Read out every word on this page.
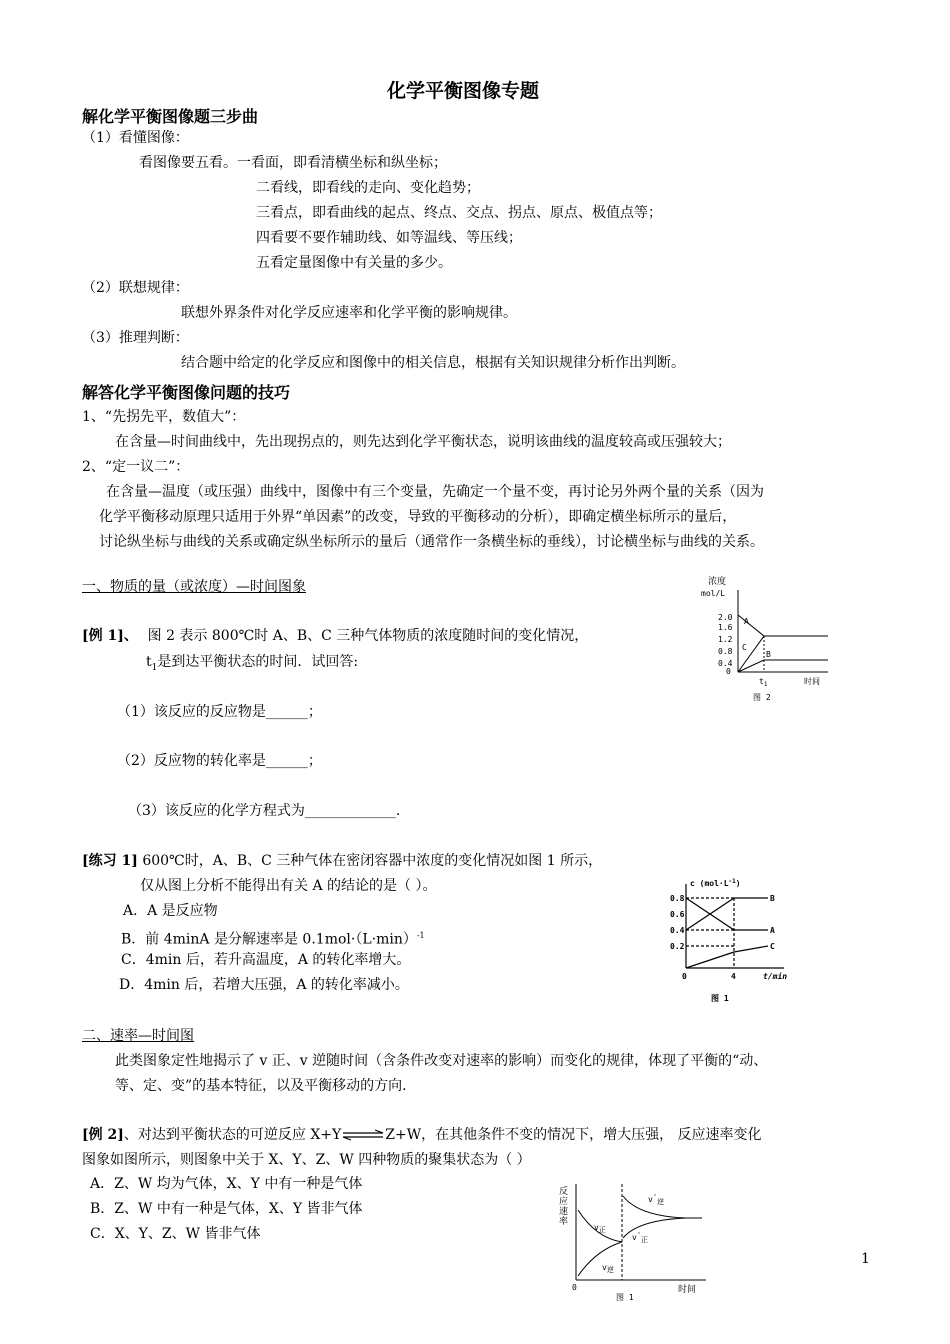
化学平衡图像专题
解化学平衡图像题三步曲
（1）看懂图像：
看图像要五看。一看面，即看清横坐标和纵坐标；
二看线，即看线的走向、变化趋势；
三看点，即看曲线的起点、终点、交点、拐点、原点、极值点等；
四看要不要作辅助线、如等温线、等压线；
五看定量图像中有关量的多少。
（2）联想规律：
联想外界条件对化学反应速率和化学平衡的影响规律。
（3）推理判断：
结合题中给定的化学反应和图像中的相关信息，根据有关知识规律分析作出判断。
解答化学平衡图像问题的技巧
1、“先拐先平，数值大”：
在含量—时间曲线中，先出现拐点的，则先达到化学平衡状态，说明该曲线的温度较高或压强较大；
2、“定一议二”：
在含量—温度（或压强）曲线中，图像中有三个变量，先确定一个量不变，再讨论另外两个量的关系（因为
化学平衡移动原理只适用于外界“单因素”的改变，导致的平衡移动的分析），即确定横坐标所示的量后，
讨论纵坐标与曲线的关系或确定纵坐标所示的量后（通常作一条横坐标的垂线），讨论横坐标与曲线的关系。
一、物质的量（或浓度）—时间图象
[例 1]、 图 2 表示 800℃时 A、B、C 三种气体物质的浓度随时间的变化情况，
$t_1$是到达平衡状态的时间．试回答:
（1）该反应的反应物是______；
（2）反应物的转化率是______；
（3）该反应的化学方程式为_____________.
浓度
mol/L
2.0
1.6
1.2
0.8
0.4
0
A
B
C
$t_1$	时间
图 2
[练习 1] 600℃时，A、B、C 三种气体在密闭容器中浓度的变化情况如图 1 所示，
仅从图上分析不能得出有关 A 的结论的是（ ）。
A．A 是反应物
B．前 4minA 是分解速率是 $0.1mol\cdot(L\cdot\min)^{-1}$
C．4min 后，若升高温度，A 的转化率增大。
D．4min 后，若增大压强，A 的转化率减小。
c $(mol\cdot L^{-1})$
0.8
0.6
0.4
0.2
0
B
A
C
4	t/min
图 1
二、速率—时间图
此类图象定性地揭示了 v 正、v 逆随时间（含条件改变对速率的影响）而变化的规律，体现了平衡的“动、
等、定、变”的基本特征，以及平衡移动的方向.
[例 2]、对达到平衡状态的可逆反应 X+Y⇌Z+W，在其他条件不变的情况下，增大压强， 反应速率变化
图象如图所示，则图象中关于 X、Y、Z、W 四种物质的聚集状态为（ ）
A．Z、W 均为气体，X、Y 中有一种是气体
B．Z、W 中有一种是气体，X、Y 皆非气体
C．X、Y、Z、W 皆非气体
1
反
应
速
率
v正
v逆
v'逆
v'正
0	时间
图 1
